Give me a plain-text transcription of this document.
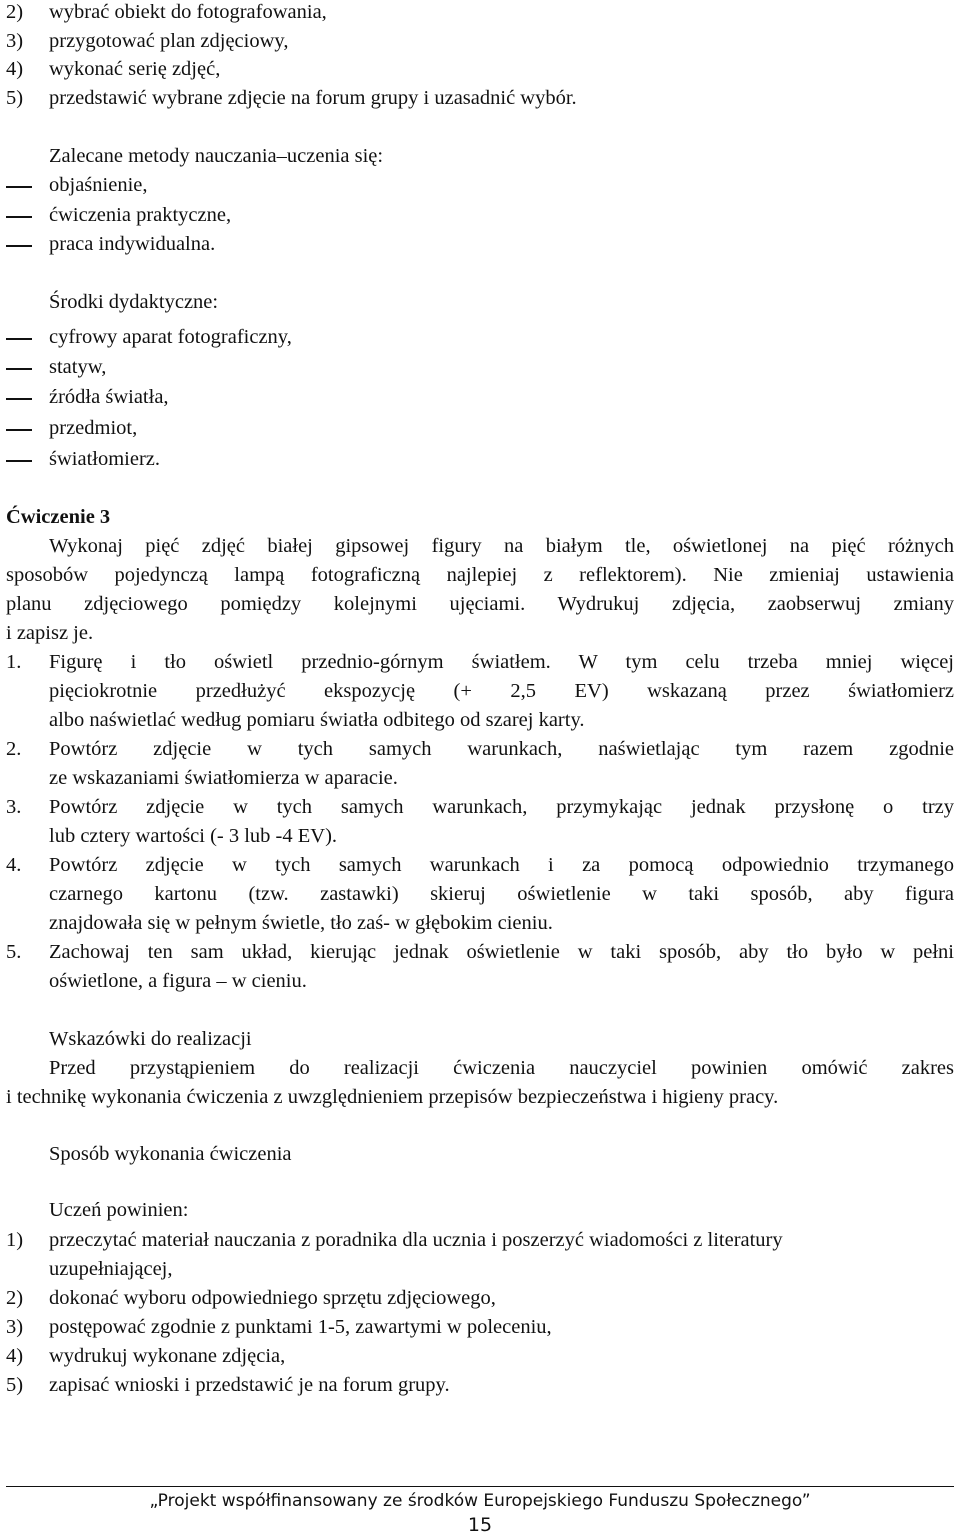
2) wybrać obiekt do fotografowania,
3) przygotować plan zdjęciowy,
4) wykonać serię zdjęć,
5) przedstawić wybrane zdjęcie na forum grupy i uzasadnić wybór.
Zalecane metody nauczania–uczenia się:
objaśnienie,
ćwiczenia praktyczne,
praca indywidualna.
Środki dydaktyczne:
cyfrowy aparat fotograficzny,
statyw,
źródła światła,
przedmiot,
światłomierz.
Ćwiczenie 3
Wykonaj pięć zdjęć białej gipsowej figury na białym tle, oświetlonej na pięć różnych
sposobów pojedynczą lampą fotograficzną najlepiej z reflektorem). Nie zmieniaj ustawienia
planu zdjęciowego pomiędzy kolejnymi ujęciami. Wydrukuj zdjęcia, zaobserwuj zmiany
i zapisz je.
1. Figurę i tło oświetl przednio-górnym światłem. W tym celu trzeba mniej więcej
pięciokrotnie przedłużyć ekspozycję (+ 2,5 EV) wskazaną przez światłomierz
albo naświetlać według pomiaru światła odbitego od szarej karty.
2. Powtórz zdjęcie w tych samych warunkach, naświetlając tym razem zgodnie
ze wskazaniami światłomierza w aparacie.
3. Powtórz zdjęcie w tych samych warunkach, przymykając jednak przysłonę o trzy
lub cztery wartości (- 3 lub -4 EV).
4. Powtórz zdjęcie w tych samych warunkach i za pomocą odpowiednio trzymanego
czarnego kartonu (tzw. zastawki) skieruj oświetlenie w taki sposób, aby figura
znajdowała się w pełnym świetle, tło zaś- w głębokim cieniu.
5. Zachowaj ten sam układ, kierując jednak oświetlenie w taki sposób, aby tło było w pełni
oświetlone, a figura – w cieniu.
Wskazówki do realizacji
Przed przystąpieniem do realizacji ćwiczenia nauczyciel powinien omówić zakres
i technikę wykonania ćwiczenia z uwzględnieniem przepisów bezpieczeństwa i higieny pracy.
Sposób wykonania ćwiczenia
Uczeń powinien:
1) przeczytać materiał nauczania z poradnika dla ucznia i poszerzyć wiadomości z literatury
uzupełniającej,
2) dokonać wyboru odpowiedniego sprzętu zdjęciowego,
3) postępować zgodnie z punktami 1-5, zawartymi w poleceniu,
4) wydrukuj wykonane zdjęcia,
5) zapisać wnioski i przedstawić je na forum grupy.
„Projekt współfinansowany ze środków Europejskiego Funduszu Społecznego”
15
